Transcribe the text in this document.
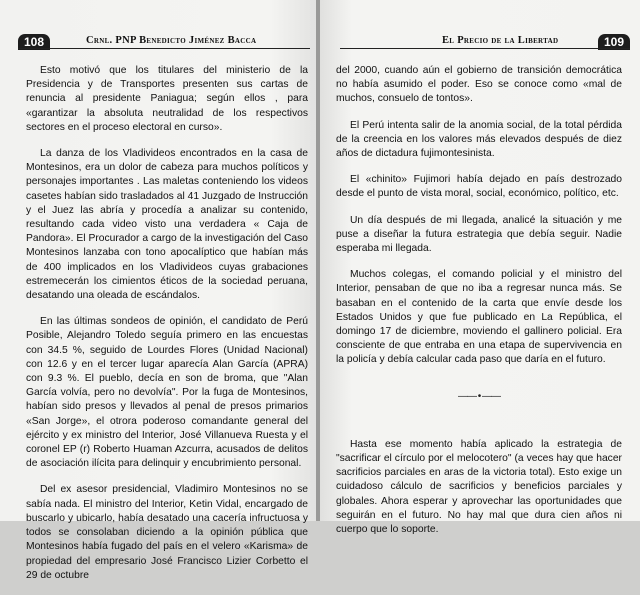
108	Crnl. PNP Benedicto Jiménez Bacca

Esto motivó que los titulares del ministerio de la Presidencia y de Transportes presenten sus cartas de renuncia al presidente Paniagua; según ellos , para «garantizar la absoluta neutralidad de los respectivos sectores en el proceso electoral en curso».

La danza de los Vladivideos encontrados en la casa de Montesinos, era un dolor de cabeza para muchos políticos y personajes importantes . Las maletas conteniendo los videos casetes habían sido trasladados al 41 Juzgado de Instrucción y el Juez las abría y procedía a analizar su contenido, resultando cada video visto una verdadera « Caja de Pandora». El Procurador a cargo de la investigación del Caso Montesinos lanzaba con tono apocalíptico que habían más de 400 implicados en los Vladivideos cuyas grabaciones estremecerán los cimientos éticos de la sociedad peruana, desatando una oleada de escándalos.

En las últimas sondeos de opinión, el candidato de Perú Posible, Alejandro Toledo seguía primero en las encuestas con 34.5 %, seguido de Lourdes Flores (Unidad Nacional) con 12.6 y en el tercer lugar aparecía Alan García (APRA) con 9.3 %. El pueblo, decía en son de broma, que "Alan García volvía, pero no devolvía". Por la fuga de Montesinos, habían sido presos y llevados al penal de presos primarios «San Jorge», el otrora poderoso comandante general del ejército y ex ministro del Interior, José Villanueva Ruesta y el coronel EP (r) Roberto Huaman Azcurra, acusados de delitos de asociación ilícita para delinquir y encubrimiento personal.

Del ex asesor presidencial, Vladimiro Montesinos no se sabía nada. El ministro del Interior, Ketin Vidal, encargado de buscarlo y ubicarlo, había desatado una cacería infructuosa y todos se consolaban diciendo a la opinión pública que Montesinos había fugado del país en el velero «Karisma» de propiedad del empresario José Francisco Lizier Corbetto el 29 de octubre

El Precio de la Libertad	109

del 2000, cuando aún el gobierno de transición democrática no había asumido el poder. Eso se conoce como «mal de muchos, consuelo de tontos».

El Perú intenta salir de la anomia social, de la total pérdida de la creencia en los valores más elevados después de diez años de dictadura fujimontesinista.

El «chinito» Fujimori había dejado en país destrozado desde el punto de vista moral, social, económico, político, etc.

Un día después de mi llegada, analicé la situación y me puse a diseñar la futura estrategia que debía seguir. Nadie esperaba mi llegada.

Muchos colegas, el comando policial y el ministro del Interior, pensaban de que no iba a regresar nunca más. Se basaban en el contenido de la carta que envíe desde los Estados Unidos y que fue publicado en La República, el domingo 17 de diciembre, moviendo el gallinero policial. Era consciente de que entraba en una etapa de supervivencia en la policía y debía calcular cada paso que daría en el futuro.

—— • ——

Hasta ese momento había aplicado la estrategia de "sacrificar el círculo por el melocotero" (a veces hay que hacer sacrificios parciales en aras de la victoria total). Esto exige un cuidadoso cálculo de sacrificios y beneficios parciales y globales. Ahora esperar y aprovechar las oportunidades que seguirán en el futuro. No hay mal que dura cien años ni cuerpo que lo soporte.
